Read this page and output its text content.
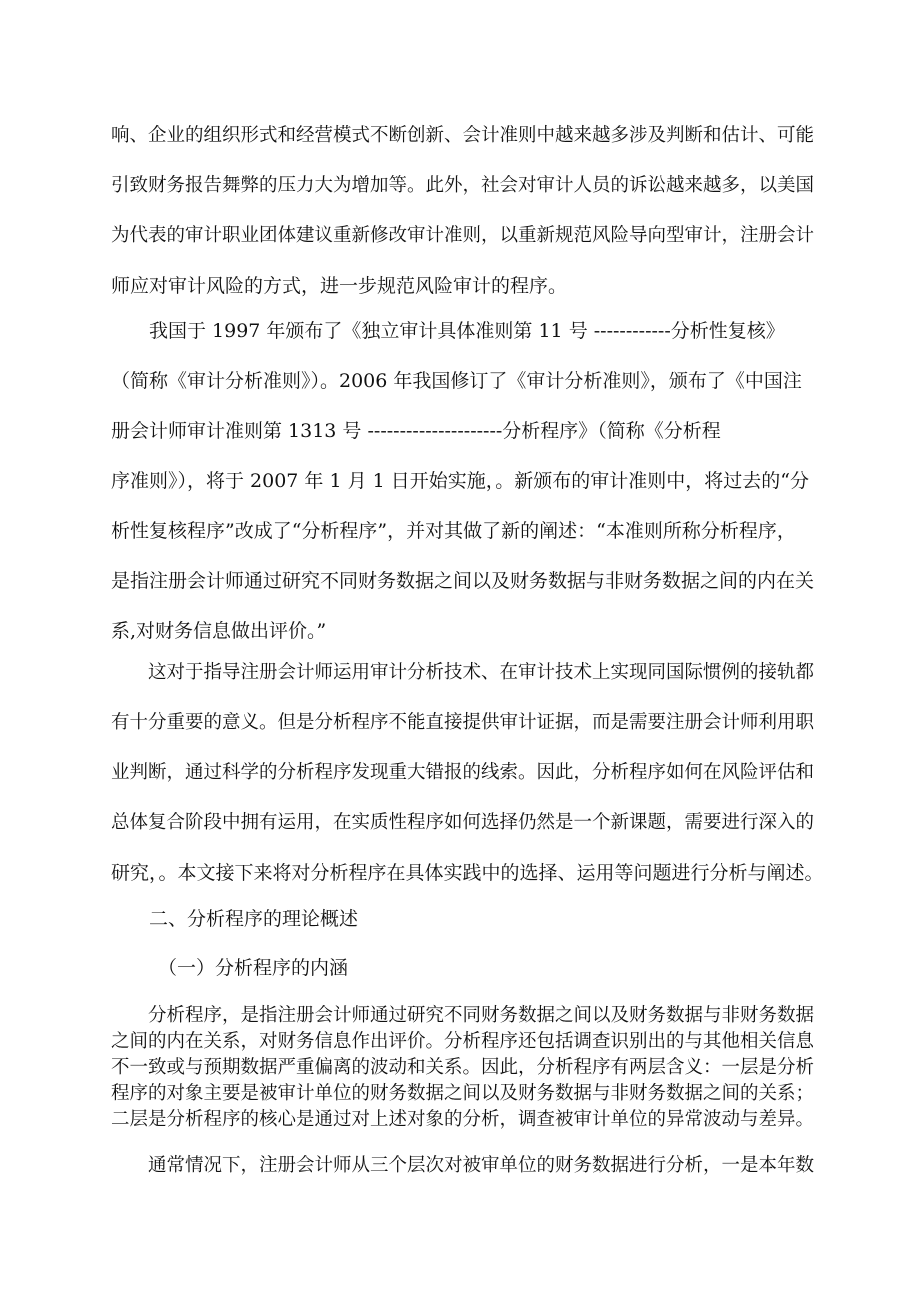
响、企业的组织形式和经营模式不断创新、会计准则中越来越多涉及判断和估计、可能
引致财务报告舞弊的压力大为增加等。此外，社会对审计人员的诉讼越来越多，以美国
为代表的审计职业团体建议重新修改审计准则，以重新规范风险导向型审计，注册会计
师应对审计风险的方式，进一步规范风险审计的程序。
　　我国于 1997 年颁布了《独立审计具体准则第 11 号 ------------分析性复核》
（简称《审计分析准则》）。2006 年我国修订了《审计分析准则》，颁布了《中国注
册会计师审计准则第 1313 号 ---------------------分析程序》（简称《分析程
序准则》），将于 2007 年 1 月 1 日开始实施，。新颁布的审计准则中，将过去的“分
析性复核程序”改成了“分析程序”，并对其做了新的阐述：“本准则所称分析程序，
是指注册会计师通过研究不同财务数据之间以及财务数据与非财务数据之间的内在关
系,对财务信息做出评价。”
　　这对于指导注册会计师运用审计分析技术、在审计技术上实现同国际惯例的接轨都
有十分重要的意义。但是分析程序不能直接提供审计证据，而是需要注册会计师利用职
业判断，通过科学的分析程序发现重大错报的线索。因此，分析程序如何在风险评估和
总体复合阶段中拥有运用，在实质性程序如何选择仍然是一个新课题，需要进行深入的
研究，。本文接下来将对分析程序在具体实践中的选择、运用等问题进行分析与阐述。
　　二、分析程序的理论概述
（一）分析程序的内涵
　　分析程序，是指注册会计师通过研究不同财务数据之间以及财务数据与非财务数据
之间的内在关系，对财务信息作出评价。分析程序还包括调查识别出的与其他相关信息
不一致或与预期数据严重偏离的波动和关系。因此，分析程序有两层含义：一层是分析
程序的对象主要是被审计单位的财务数据之间以及财务数据与非财务数据之间的关系；
二层是分析程序的核心是通过对上述对象的分析，调查被审计单位的异常波动与差异。
　　通常情况下，注册会计师从三个层次对被审单位的财务数据进行分析，一是本年数
